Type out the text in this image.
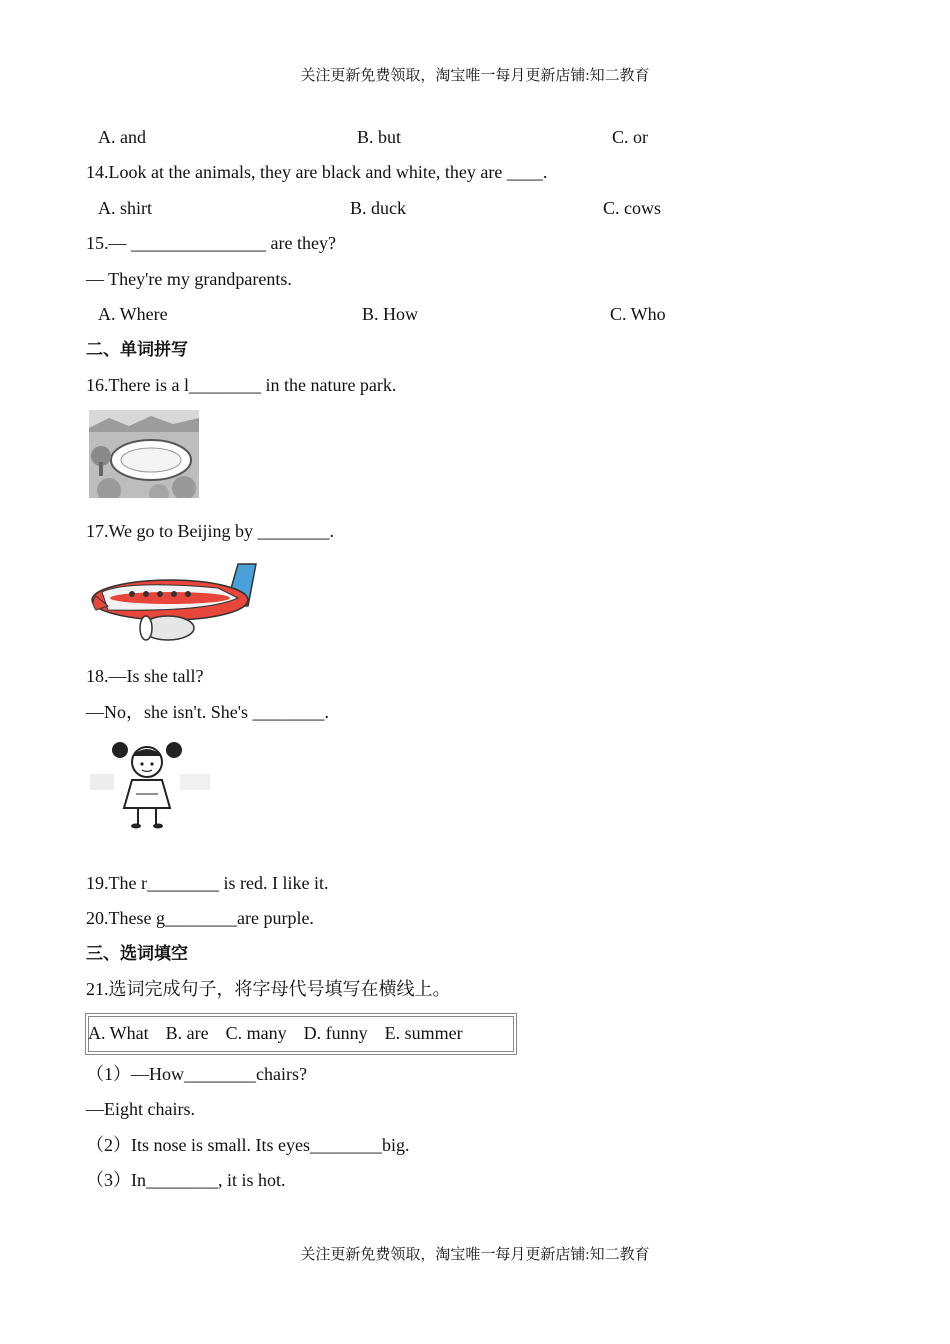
关注更新免费领取，淘宝唯一每月更新店铺:知二教育
A. and	B. but	C. or
14.Look at the animals, they are black and white, they are ____.
A. shirt	B. duck	C. cows
15.— _______________ are they?
— They're my grandparents.
A. Where	B. How	C. Who
二、单词拼写
16.There is a l________ in the nature park.
17.We go to Beijing by ________.
18.—Is she tall?
—No，she isn't. She's ________.
19.The r________ is red. I like it.
20.These g________are purple.
三、选词填空
21.选词完成句子，将字母代号填写在横线上。
A. What B. are C. many D. funny E. summer
（1）—How________chairs?
—Eight chairs.
（2）Its nose is small. Its eyes________big.
（3）In________, it is hot.
关注更新免费领取，淘宝唯一每月更新店铺:知二教育
